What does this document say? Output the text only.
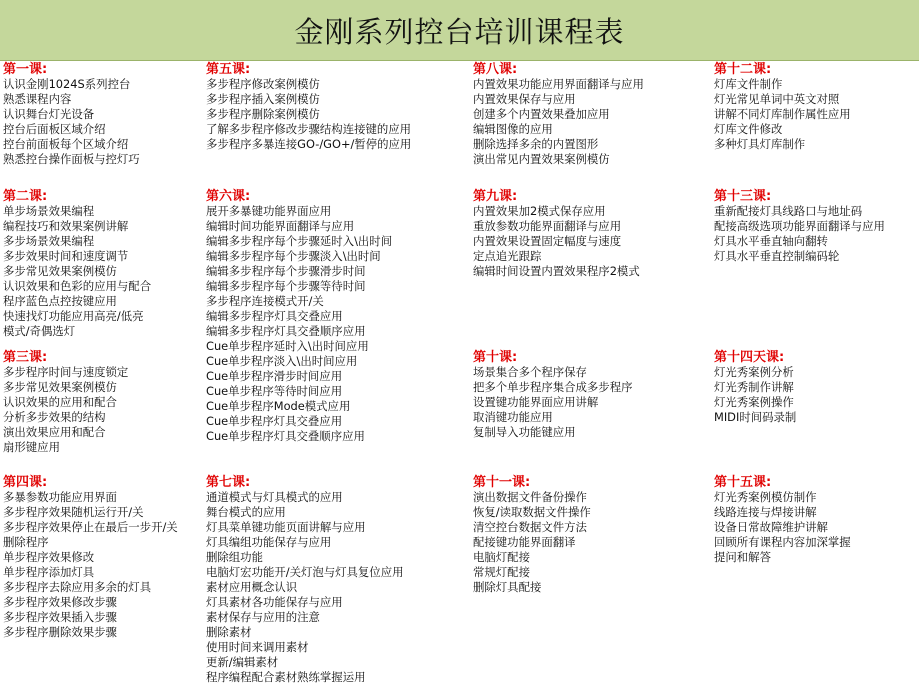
金刚系列控台培训课程表
第一课:
认识金刚1024S系列控台
熟悉课程内容
认识舞台灯光设备
控台后面板区域介绍
控台前面板每个区域介绍
熟悉控台操作面板与控灯巧
第二课:
单步场景效果编程
编程技巧和效果案例讲解
多步场景效果编程
多步效果时间和速度调节
多步常见效果案例模仿
认识效果和色彩的应用与配合
程序蓝色点控按键应用
快速找灯功能应用高亮/低亮
模式/奇偶选灯
第三课:
多步程序时间与速度锁定
多步常见效果案例模仿
认识效果的应用和配合
分析多步效果的结构
演出效果应用和配合
扇形键应用
第四课:
多暴参数功能应用界面
多步程序效果随机运行开/关
多步程序效果停止在最后一步开/关
删除程序
单步程序效果修改
单步程序添加灯具
多步程序去除应用多余的灯具
多步程序效果修改步骤
多步程序效果插入步骤
多步程序删除效果步骤
第五课:
多步程序修改案例模仿
多步程序插入案例模仿
多步程序删除案例模仿
了解多步程序修改步骤结构连接键的应用
多步程序多暴连接GO-/GO+/暂停的应用
第六课:
展开多暴键功能界面应用
编辑时间功能界面翻译与应用
编辑多步程序每个步骤延时入\出时间
编辑多步程序每个步骤淡入\出时间
编辑多步程序每个步骤滑步时间
编辑多步程序每个步骤等待时间
多步程序连接模式开/关
编辑多步程序灯具交叠应用
编辑多步程序灯具交叠顺序应用
Cue单步程序延时入\出时间应用
Cue单步程序淡入\出时间应用
Cue单步程序滑步时间应用
Cue单步程序等待时间应用
Cue单步程序Mode模式应用
Cue单步程序灯具交叠应用
Cue单步程序灯具交叠顺序应用
第七课:
通道模式与灯具模式的应用
舞台模式的应用
灯具菜单键功能页面讲解与应用
灯具编组功能保存与应用
删除组功能
电脑灯宏功能开/关灯泡与灯具复位应用
素材应用概念认识
灯具素材各功能保存与应用
素材保存与应用的注意
删除素材
使用时间来调用素材
更新/编辑素材
程序编程配合素材熟练掌握运用
第八课:
内置效果功能应用界面翻译与应用
内置效果保存与应用
创建多个内置效果叠加应用
编辑图像的应用
删除选择多余的内置图形
演出常见内置效果案例模仿
第九课:
内置效果加2模式保存应用
重放参数功能界面翻译与应用
内置效果设置固定幅度与速度
定点追光跟踪
编辑时间设置内置效果程序2模式
第十课:
场景集合多个程序保存
把多个单步程序集合成多步程序
设置键功能界面应用讲解
取消键功能应用
复制导入功能键应用
第十一课:
演出数据文件备份操作
恢复/读取数据文件操作
清空控台数据文件方法
配接键功能界面翻译
电脑灯配接
常规灯配接
删除灯具配接
第十二课:
灯库文件制作
灯光常见单词中英文对照
讲解不同灯库制作属性应用
灯库文件修改
多种灯具灯库制作
第十三课:
重新配接灯具线路口与地址码
配接高级选项功能界面翻译与应用
灯具水平垂直轴向翻转
灯具水平垂直控制编码轮
第十四天课:
灯光秀案例分析
灯光秀制作讲解
灯光秀案例操作
MIDI时间码录制
第十五课:
灯光秀案例模仿制作
线路连接与焊接讲解
设备日常故障维护讲解
回顾所有课程内容加深掌握
提问和解答
